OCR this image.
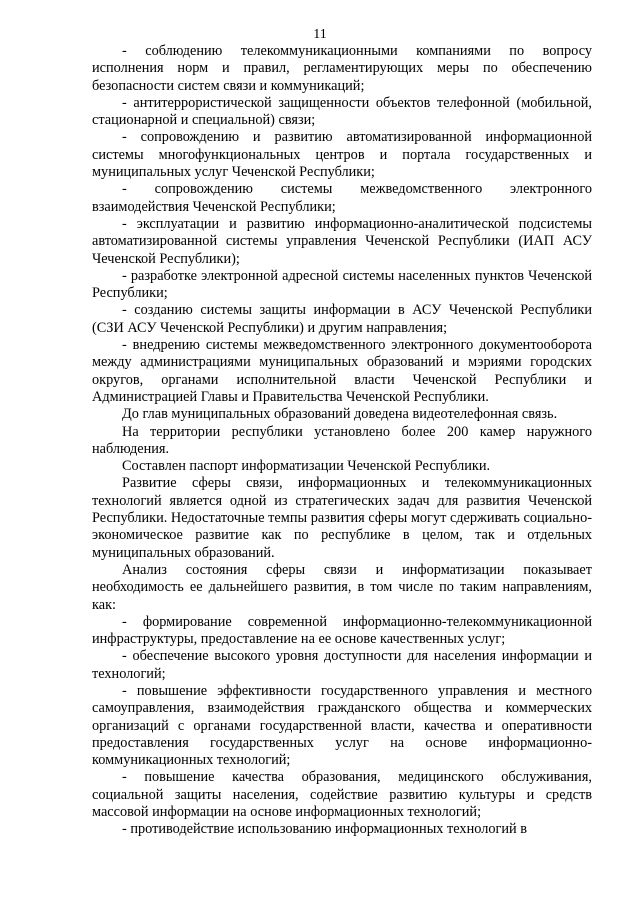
11

- соблюдению телекоммуникационными компаниями по вопросу исполнения норм и правил, регламентирующих меры по обеспечению безопасности систем связи и коммуникаций;

- антитеррористической защищенности объектов телефонной (мобильной, стационарной и специальной) связи;

- сопровождению и развитию автоматизированной информационной системы многофункциональных центров и портала государственных и муниципальных услуг Чеченской Республики;

- сопровождению системы межведомственного электронного взаимодействия Чеченской Республики;

- эксплуатации и развитию информационно-аналитической подсистемы автоматизированной системы управления Чеченской Республики (ИАП АСУ Чеченской Республики);

- разработке электронной адресной системы населенных пунктов Чеченской Республики;

- созданию системы защиты информации в АСУ Чеченской Республики (СЗИ АСУ Чеченской Республики) и другим направления;

- внедрению системы межведомственного электронного документооборота между администрациями муниципальных образований и мэриями городских округов, органами исполнительной власти Чеченской Республики и Администрацией Главы и Правительства Чеченской Республики.

До глав муниципальных образований доведена видеотелефонная связь.

На территории республики установлено более 200 камер наружного наблюдения.

Составлен паспорт информатизации Чеченской Республики.

Развитие сферы связи, информационных и телекоммуникационных технологий является одной из стратегических задач для развития Чеченской Республики. Недостаточные темпы развития сферы могут сдерживать социально-экономическое развитие как по республике в целом, так и отдельных муниципальных образований.

Анализ состояния сферы связи и информатизации показывает необходимость ее дальнейшего развития, в том числе по таким направлениям, как:

- формирование современной информационно-телекоммуникационной инфраструктуры, предоставление на ее основе качественных услуг;

- обеспечение высокого уровня доступности для населения информации и технологий;

- повышение эффективности государственного управления и местного самоуправления, взаимодействия гражданского общества и коммерческих организаций с органами государственной власти, качества и оперативности предоставления государственных услуг на основе информационно-коммуникационных технологий;

- повышение качества образования, медицинского обслуживания, социальной защиты населения, содействие развитию культуры и средств массовой информации на основе информационных технологий;

- противодействие использованию информационных технологий в
